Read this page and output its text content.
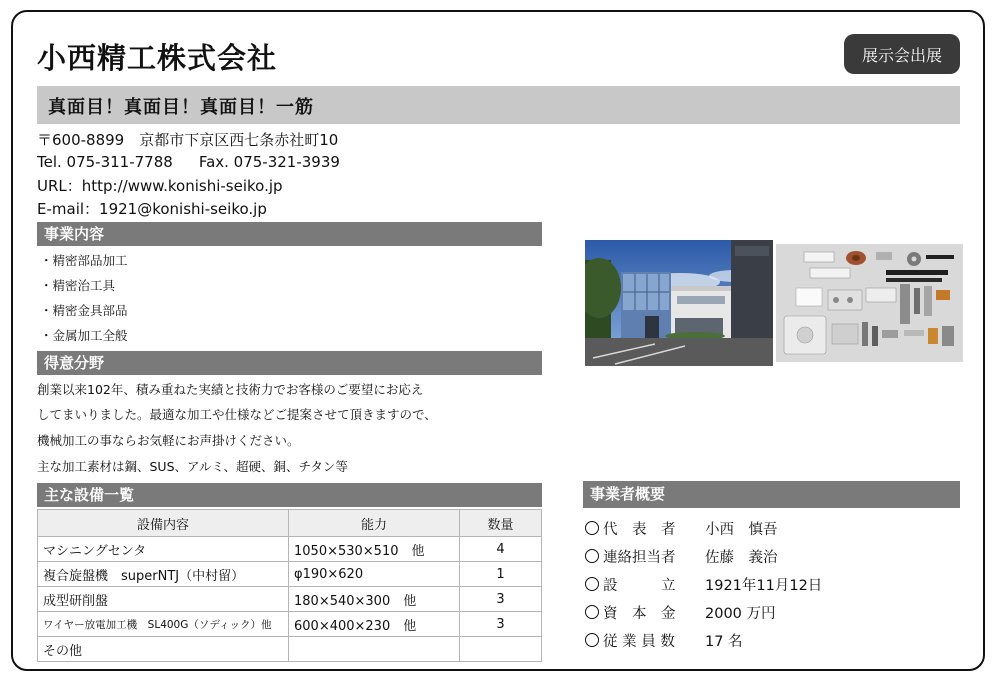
小西精工株式会社	展示会出展
真面目！真面目！真面目！一筋
〒600-8899　京都市下京区西七条赤社町10
Tel. 075-311-7788 Fax. 075-321-3939
URL：http://www.konishi-seiko.jp
E-mail：1921@konishi-seiko.jp
事業内容
・精密部品加工
・精密治工具
・精密金具部品
・金属加工全般
得意分野
創業以来102年、積み重ねた実績と技術力でお客様のご要望にお応え
してまいりました。最適な加工や仕様などご提案させて頂きますので、
機械加工の事ならお気軽にお声掛けください。
主な加工素材は鋼、SUS、アルミ、超硬、銅、チタン等
主な設備一覧
設備内容	能力	数量
マシニングセンタ	1050×530×510　他	4
複合旋盤機　superNTJ（中村留）	φ190×620	1
成型研削盤	180×540×300　他	3
ワイヤー放電加工機　SL400G（ソディック）他	600×400×230　他	3
その他		
事業者概要
代　表　者 小西　慎吾
連絡担当者 佐藤　義治
設　　　立 1921年11月12日
資　本　金 2000 万円
従 業 員 数 17 名
